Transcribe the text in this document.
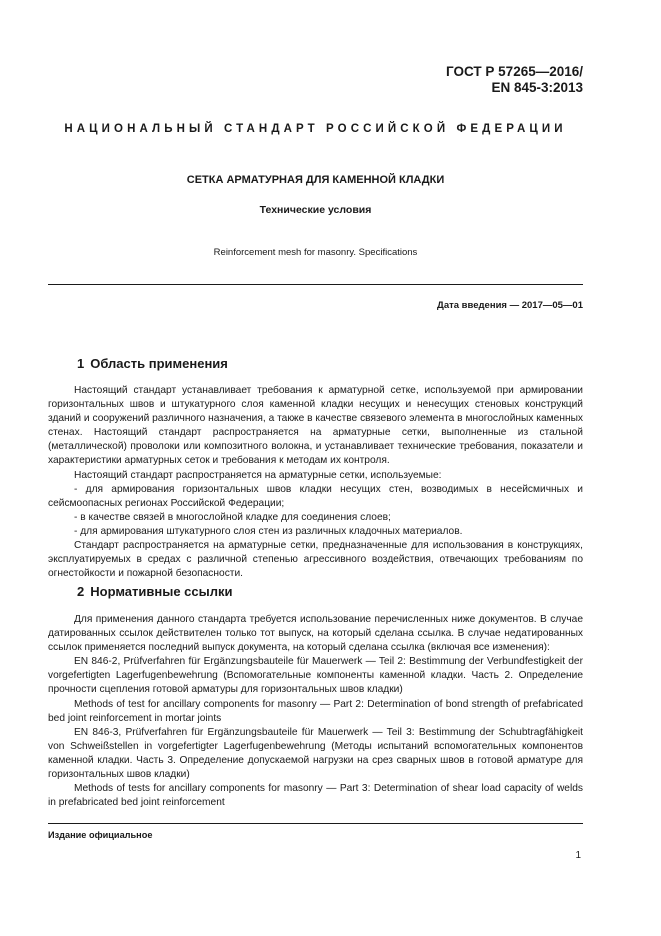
ГОСТ Р 57265—2016/
EN 845-3:2013
НАЦИОНАЛЬНЫЙ СТАНДАРТ РОССИЙСКОЙ ФЕДЕРАЦИИ
СЕТКА АРМАТУРНАЯ ДЛЯ КАМЕННОЙ КЛАДКИ
Технические условия
Reinforcement mesh for masonry. Specifications
Дата введения — 2017—05—01
1 Область применения

Настоящий стандарт устанавливает требования к арматурной сетке, используемой при армировании горизонтальных швов и штукатурного слоя каменной кладки несущих и ненесущих стеновых конструкций зданий и сооружений различного назначения, а также в качестве связевого элемента в многослойных каменных стенах. Настоящий стандарт распространяется на арматурные сетки, выполненные из стальной (металлической) проволоки или композитного волокна, и устанавливает технические требования, показатели и характеристики арматурных сеток и требования к методам их контроля.

Настоящий стандарт распространяется на арматурные сетки, используемые:

- для армирования горизонтальных швов кладки несущих стен, возводимых в несейсмичных и сейсмоопасных регионах Российской Федерации;

- в качестве связей в многослойной кладке для соединения слоев;

- для армирования штукатурного слоя стен из различных кладочных материалов.

Стандарт распространяется на арматурные сетки, предназначенные для использования в конструкциях, эксплуатируемых в средах с различной степенью агрессивного воздействия, отвечающих требованиям по огнестойкости и пожарной безопасности.

2 Нормативные ссылки

Для применения данного стандарта требуется использование перечисленных ниже документов. В случае датированных ссылок действителен только тот выпуск, на который сделана ссылка. В случае недатированных ссылок применяется последний выпуск документа, на который сделана ссылка (включая все изменения):

EN 846-2, Prüfverfahren für Ergänzungsbauteile für Mauerwerk — Teil 2: Bestimmung der Verbundfestigkeit der vorgefertigten Lagerfugenbewehrung (Вспомогательные компоненты каменной кладки. Часть 2. Определение прочности сцепления готовой арматуры для горизонтальных швов кладки)

Methods of test for ancillary components for masonry — Part 2: Determination of bond strength of prefabricated bed joint reinforcement in mortar joints

EN 846-3, Prüfverfahren für Ergänzungsbauteile für Mauerwerk — Teil 3: Bestimmung der Schubtragfähigkeit von Schweißstellen in vorgefertigter Lagerfugenbewehrung (Методы испытаний вспомогательных компонентов каменной кладки. Часть 3. Определение допускаемой нагрузки на срез сварных швов в готовой арматуре для горизонтальных швов кладки)

Methods of tests for ancillary components for masonry — Part 3: Determination of shear load capacity of welds in prefabricated bed joint reinforcement

Издание официальное
1
